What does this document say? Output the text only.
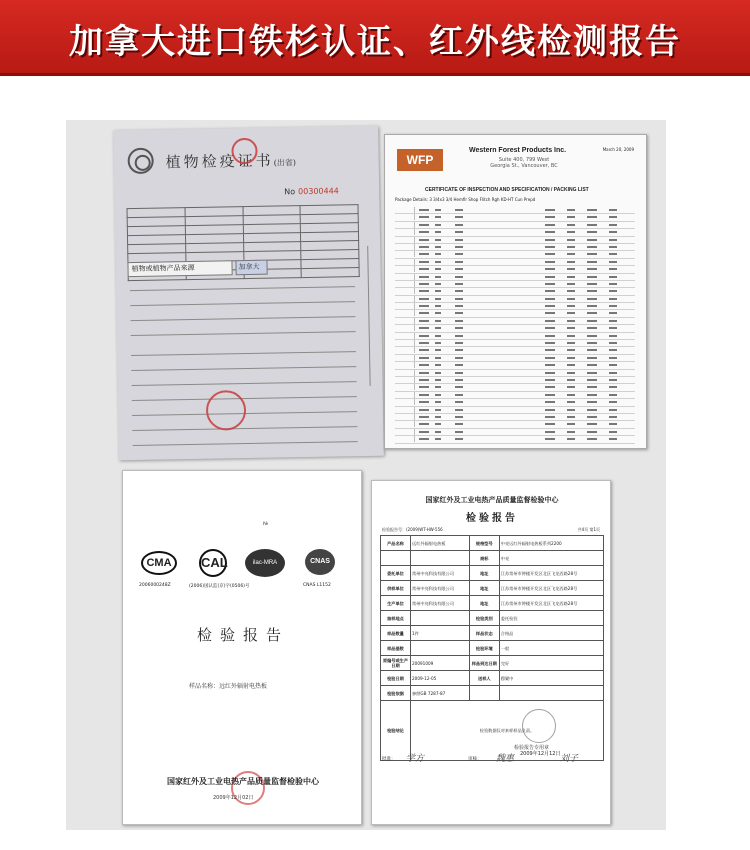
加拿大进口铁杉认证、红外线检测报告
植物检疫证书(出省)
No 00300444

植物或植物产品来源	加拿大
WFP
Western Forest Products Inc.	March 20, 2009
Suite 400, 799 West Georgia St., Vancouver, BC
CERTIFICATE OF INSPECTION AND SPECIFICATION / PACKING LIST
Package Details: 3 3/4x3 3/4 Hemfir Shop Flitch Rgh KD-HT Cun Prepd
№
CMA	CAL	ilac-MRA	CNAS
2006000248Z	(2006)国认监(京)字(0506)号	CNAS L1152
检验报告
样品名称：远红外辐射电热板
国家红外及工业电热产品质量监督检验中心
2009年12月02日
国家红外及工业电热产品质量监督检验中心
检验报告
检验报告号：(2009)WT-HW-556	共4页 第1页
产品名称	远红外辐射电热板	规格型号	中亮远红外辐射电热板系列2200
		商标	中亮
委托单位	常州中亮科技有限公司	地址	江苏常州市钟楼开发区北区飞龙西路28号
供样单位	常州中亮科技有限公司	地址	江苏常州市钟楼开发区北区飞龙西路28号
生产单位	常州中亮科技有限公司	地址	江苏常州市钟楼开发区北区飞龙西路28号
抽样地点		检验类别	委托检验
样品数量	1件	样品状态	合格品
样品基数		检验环境	一般
原编号或生产日期	20091009	样品到达日期	完好
检验日期	2009-12-05	送样人	穆繁中
检验依据	参照GB 7287-87		
检验结论	检验数据仅对来样样品负责。		
检验报告专用章
2009年12月12日
批准：	审核：
学方	魏惠	刘子
